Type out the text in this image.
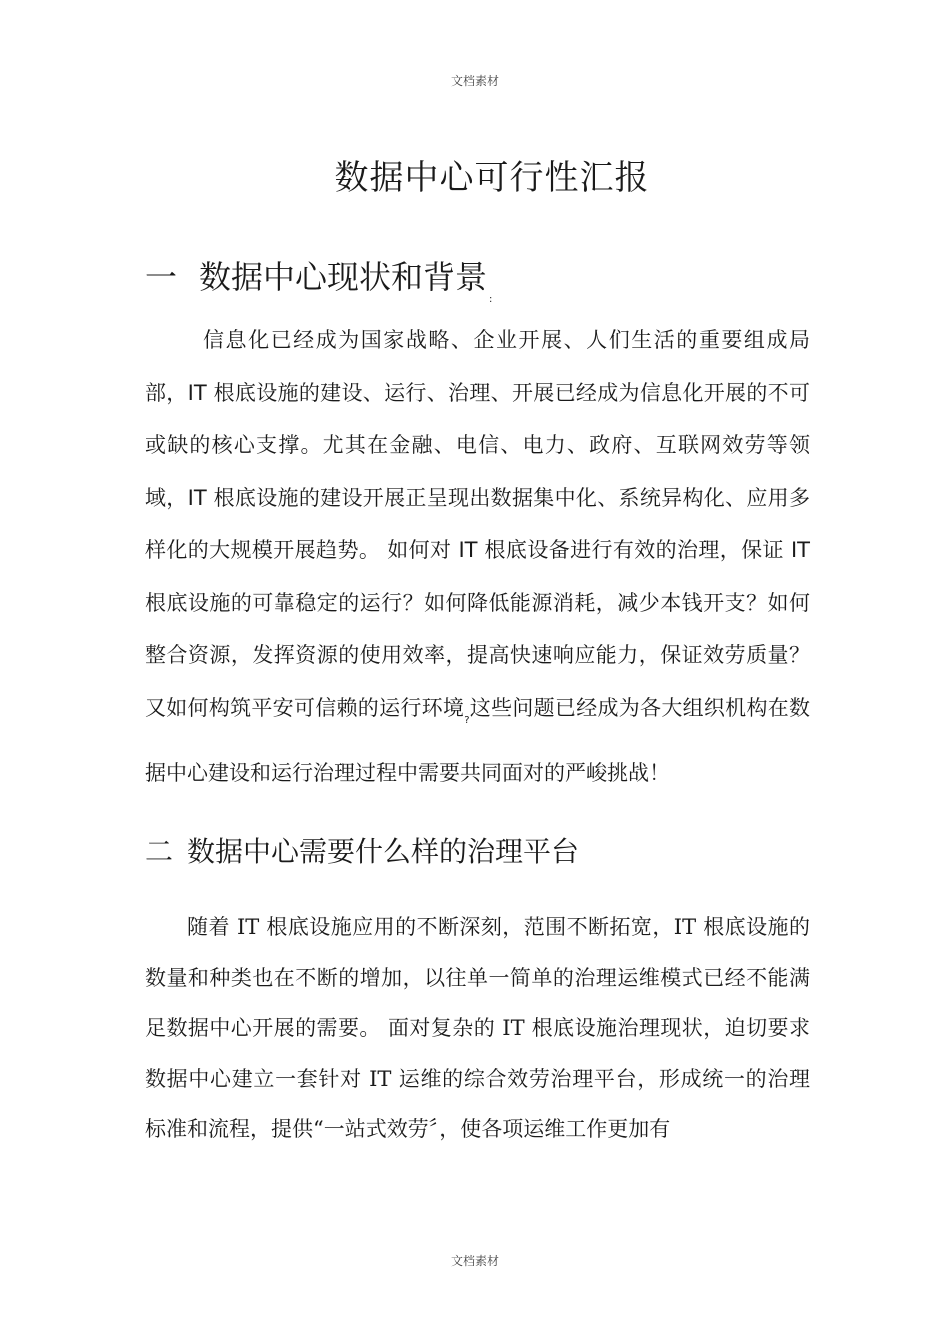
文档素材
数据中心可行性汇报
一 数据中心现状和背景$_:$

信息化已经成为国家战略、企业开展、人们生活的重要组成局部，IT 根底设施的建设、运行、治理、开展已经成为信息化开展的不可或缺的核心支撑。尤其在金融、电信、电力、政府、互联网效劳等领域，IT 根底设施的建设开展正呈现出数据集中化、系统异构化、应用多样化的大规模开展趋势。 如何对 IT 根底设备进行有效的治理，保证 IT 根底设施的可靠稳定的运行？如何降低能源消耗，减少本钱开支？如何整合资源，发挥资源的使用效率，提高快速响应能力，保证效劳质量？又如何构筑平安可信赖的运行环境$_?$这些问题已经成为各大组织机构在数据中心建设和运行治理过程中需要共同面对的严峻挑战！

二 数据中心需要什么样的治理平台

随着 IT 根底设施应用的不断深刻，范围不断拓宽，IT 根底设施的数量和种类也在不断的增加，以往单一简单的治理运维模式已经不能满足数据中心开展的需要。 面对复杂的 IT 根底设施治理现状，迫切要求数据中心建立一套针对 IT 运维的综合效劳治理平台，形成统一的治理标准和流程，提供“一站式效劳〞，使各项运维工作更加有

文档素材
